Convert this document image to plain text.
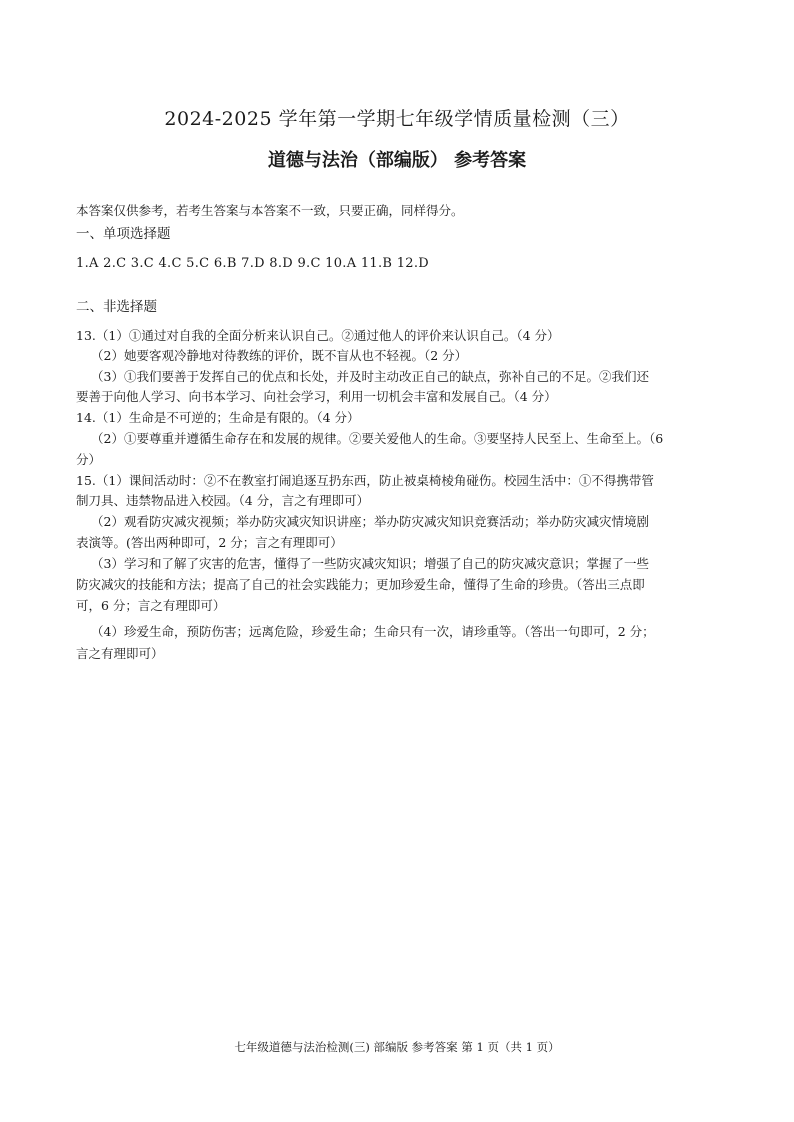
2024-2025 学年第一学期七年级学情质量检测（三）
道德与法治（部编版） 参考答案
本答案仅供参考，若考生答案与本答案不一致，只要正确，同样得分。
一、单项选择题
1.A 2.C 3.C 4.C 5.C 6.B 7.D 8.D 9.C 10.A 11.B 12.D
二、非选择题
13.（1）①通过对自我的全面分析来认识自己。②通过他人的评价来认识自己。（4 分）
（2）她要客观冷静地对待教练的评价，既不盲从也不轻视。（2 分）
（3）①我们要善于发挥自己的优点和长处，并及时主动改正自己的缺点，弥补自己的不足。②我们还
要善于向他人学习、向书本学习、向社会学习，利用一切机会丰富和发展自己。（4 分）
14.（1）生命是不可逆的；生命是有限的。（4 分）
（2）①要尊重并遵循生命存在和发展的规律。②要关爱他人的生命。③要坚持人民至上、生命至上。（6
分）
15.（1）课间活动时：②不在教室打闹追逐互扔东西，防止被桌椅棱角碰伤。校园生活中：①不得携带管
制刀具、违禁物品进入校园。（4 分，言之有理即可）
（2）观看防灾减灾视频；举办防灾减灾知识讲座；举办防灾减灾知识竞赛活动；举办防灾减灾情境剧
表演等。(答出两种即可，2 分；言之有理即可）
（3）学习和了解了灾害的危害，懂得了一些防灾减灾知识；增强了自己的防灾减灾意识；掌握了一些
防灾减灾的技能和方法；提高了自己的社会实践能力；更加珍爱生命，懂得了生命的珍贵。（答出三点即
可，6 分；言之有理即可）
（4）珍爱生命，预防伤害；远离危险，珍爱生命；生命只有一次，请珍重等。（答出一句即可，2 分；
言之有理即可）
七年级道德与法治检测(三) 部编版 参考答案 第 1 页（共 1 页）
